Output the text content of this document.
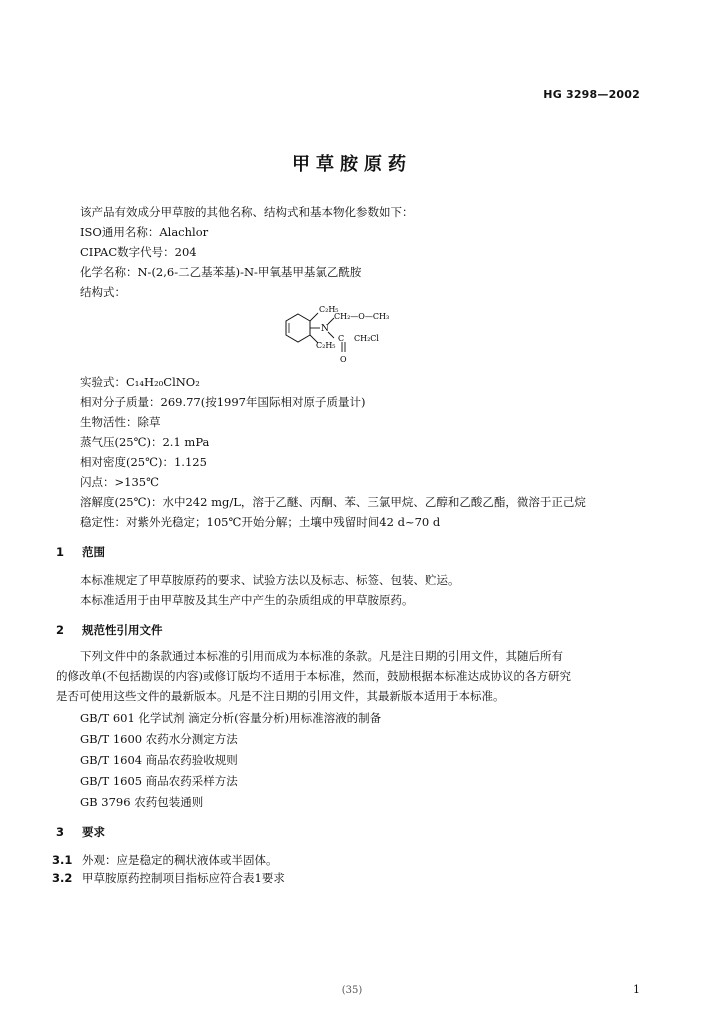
HG 3298—2002
甲草胺原药
该产品有效成分甲草胺的其他名称、结构式和基本物化参数如下：
ISO通用名称：Alachlor
CIPAC数字代号：204
化学名称：N-(2,6-二乙基苯基)-N-甲氧基甲基氯乙酰胺
结构式：
C₂H₅
CH₂—O—CH₃
N
C CH₂Cl
C₂H₅
O
实验式：C₁₄H₂₀ClNO₂
相对分子质量：269.77(按1997年国际相对原子质量计)
生物活性：除草
蒸气压(25℃)：2.1 mPa
相对密度(25℃)：1.125
闪点：>135℃
溶解度(25℃)：水中242 mg/L，溶于乙醚、丙酮、苯、三氯甲烷、乙醇和乙酸乙酯，微溶于正己烷
稳定性：对紫外光稳定；105℃开始分解；土壤中残留时间42 d~70 d
1 范围
本标准规定了甲草胺原药的要求、试验方法以及标志、标签、包装、贮运。
本标准适用于由甲草胺及其生产中产生的杂质组成的甲草胺原药。
2 规范性引用文件
下列文件中的条款通过本标准的引用而成为本标准的条款。凡是注日期的引用文件，其随后所有
的修改单(不包括勘误的内容)或修订版均不适用于本标准，然而，鼓励根据本标准达成协议的各方研究
是否可使用这些文件的最新版本。凡是不注日期的引用文件，其最新版本适用于本标准。
GB/T 601 化学试剂 滴定分析(容量分析)用标准溶液的制备
GB/T 1600 农药水分测定方法
GB/T 1604 商品农药验收规则
GB/T 1605 商品农药采样方法
GB 3796 农药包装通则
3 要求
3.1 外观：应是稳定的稠状液体或半固体。
3.2 甲草胺原药控制项目指标应符合表1要求
(35)	1
